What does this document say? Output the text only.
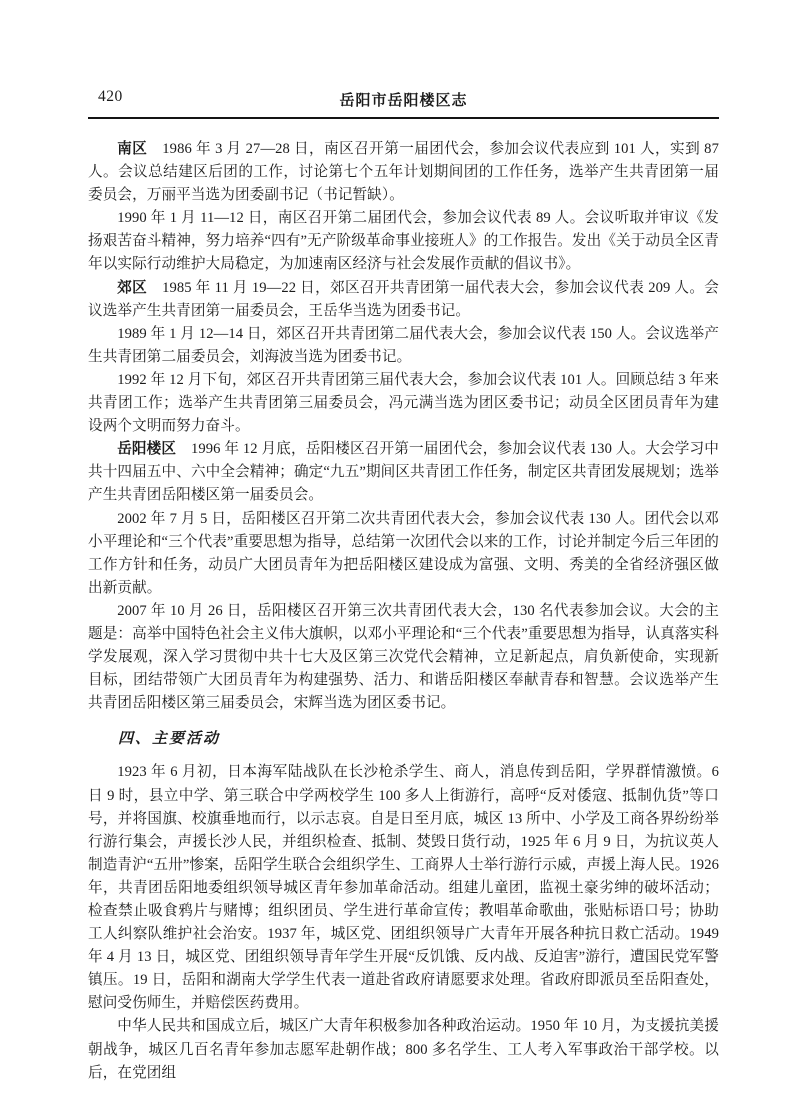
420	岳阳市岳阳楼区志

南区 1986 年 3 月 27—28 日，南区召开第一届团代会，参加会议代表应到 101 人，实到 87 人。会议总结建区后团的工作，讨论第七个五年计划期间团的工作任务，选举产生共青团第一届委员会，万丽平当选为团委副书记（书记暂缺）。

1990 年 1 月 11—12 日，南区召开第二届团代会，参加会议代表 89 人。会议听取并审议《发扬艰苦奋斗精神，努力培养“四有”无产阶级革命事业接班人》的工作报告。发出《关于动员全区青年以实际行动维护大局稳定，为加速南区经济与社会发展作贡献的倡议书》。

郊区 1985 年 11 月 19—22 日，郊区召开共青团第一届代表大会，参加会议代表 209 人。会议选举产生共青团第一届委员会，王岳华当选为团委书记。

1989 年 1 月 12—14 日，郊区召开共青团第二届代表大会，参加会议代表 150 人。会议选举产生共青团第二届委员会，刘海波当选为团委书记。

1992 年 12 月下旬，郊区召开共青团第三届代表大会，参加会议代表 101 人。回顾总结 3 年来共青团工作；选举产生共青团第三届委员会，冯元满当选为团区委书记；动员全区团员青年为建设两个文明而努力奋斗。

岳阳楼区 1996 年 12 月底，岳阳楼区召开第一届团代会，参加会议代表 130 人。大会学习中共十四届五中、六中全会精神；确定“九五”期间区共青团工作任务，制定区共青团发展规划；选举产生共青团岳阳楼区第一届委员会。

2002 年 7 月 5 日，岳阳楼区召开第二次共青团代表大会，参加会议代表 130 人。团代会以邓小平理论和“三个代表”重要思想为指导，总结第一次团代会以来的工作，讨论并制定今后三年团的工作方针和任务，动员广大团员青年为把岳阳楼区建设成为富强、文明、秀美的全省经济强区做出新贡献。

2007 年 10 月 26 日，岳阳楼区召开第三次共青团代表大会，130 名代表参加会议。大会的主题是：高举中国特色社会主义伟大旗帜，以邓小平理论和“三个代表”重要思想为指导，认真落实科学发展观，深入学习贯彻中共十七大及区第三次党代会精神，立足新起点，肩负新使命，实现新目标，团结带领广大团员青年为构建强势、活力、和谐岳阳楼区奉献青春和智慧。会议选举产生共青团岳阳楼区第三届委员会，宋辉当选为团区委书记。

四、主要活动

1923 年 6 月初，日本海军陆战队在长沙枪杀学生、商人，消息传到岳阳，学界群情激愤。6 日 9 时，县立中学、第三联合中学两校学生 100 多人上街游行，高呼“反对倭寇、抵制仇货”等口号，并将国旗、校旗垂地而行，以示志哀。自是日至月底，城区 13 所中、小学及工商各界纷纷举行游行集会，声援长沙人民，并组织检查、抵制、焚毁日货行动，1925 年 6 月 9 日，为抗议英人制造青沪“五卅”惨案，岳阳学生联合会组织学生、工商界人士举行游行示威，声援上海人民。1926 年，共青团岳阳地委组织领导城区青年参加革命活动。组建儿童团，监视土豪劣绅的破坏活动；检查禁止吸食鸦片与赌博；组织团员、学生进行革命宣传；教唱革命歌曲，张贴标语口号；协助工人纠察队维护社会治安。1937 年，城区党、团组织领导广大青年开展各种抗日救亡活动。1949 年 4 月 13 日，城区党、团组织领导青年学生开展“反饥饿、反内战、反迫害”游行，遭国民党军警镇压。19 日，岳阳和湖南大学学生代表一道赴省政府请愿要求处理。省政府即派员至岳阳查处，慰问受伤师生，并赔偿医药费用。

中华人民共和国成立后，城区广大青年积极参加各种政治运动。1950 年 10 月，为支援抗美援朝战争，城区几百名青年参加志愿军赴朝作战；800 多名学生、工人考入军事政治干部学校。以后，在党团组
